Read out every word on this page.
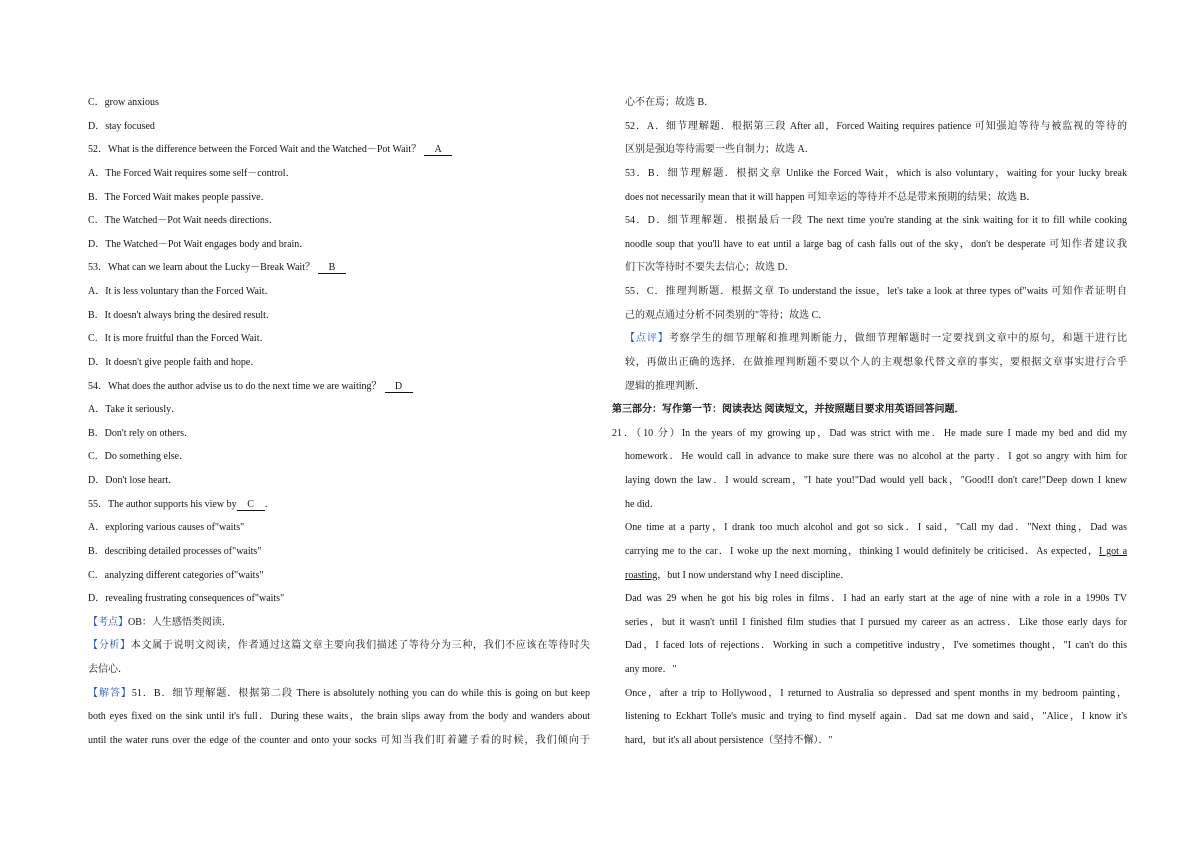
C．grow anxious
D．stay focused
52．What is the difference between the Forced Wait and the Watched－Pot Wait？ A
A．The Forced Wait requires some self－control．
B．The Forced Wait makes people passive．
C．The Watched－Pot Wait needs directions．
D．The Watched－Pot Wait engages body and brain．
53．What can we learn about the Lucky－Break Wait？ B
A．It is less voluntary than the Forced Wait．
B．It doesn't always bring the desired result．
C．It is more fruitful than the Forced Wait．
D．It doesn't give people faith and hope．
54．What does the author advise us to do the next time we are waiting？ D
A．Take it seriously．
B．Don't rely on others．
C．Do something else．
D．Don't lose heart．
55．The author supports his view by C ．
A．exploring various causes of"waits"
B．describing detailed processes of"waits"
C．analyzing different categories of"waits"
D．revealing frustrating consequences of"waits"
【考点】OB：人生感悟类阅读．
【分析】本文属于说明文阅读，作者通过这篇文章主要向我们描述了等待分为三种，我们不应该在等待时失
去信心．
【解答】51．B．细节理解题．根据第二段 There is absolutely nothing you can do while this is going on but keep
both eyes fixed on the sink until it's full．During these waits，the brain slips away from the body and wanders about
until the water runs over the edge of the counter and onto your socks 可知当我们盯着罐子看的时候，我们倾向于
心不在焉；故选 B．
52．A．细节理解题．根据第三段 After all，Forced Waiting requires patience 可知强迫等待与被监视的等待的
区别是强迫等待需要一些自制力；故选 A．
53．B．细节理解题．根据文章 Unlike the Forced Wait，which is also voluntary，waiting for your lucky break
does not necessarily mean that it will happen 可知幸运的等待并不总是带来预期的结果；故选 B．
54．D．细节理解题．根据最后一段 The next time you're standing at the sink waiting for it to fill while cooking
noodle soup that you'll have to eat until a large bag of cash falls out of the sky，don't be desperate 可知作者建议我
们下次等待时不要失去信心；故选 D．
55．C．推理判断题．根据文章 To understand the issue，let's take a look at three types of"waits 可知作者证明自
己的观点通过分析不同类别的"等待；故选 C．
【点评】考察学生的细节理解和推理判断能力，做细节理解题时一定要找到文章中的原句，和题干进行比
较，再做出正确的选择．在做推理判断题不要以个人的主观想象代替文章的事实，要根据文章事实进行合乎
逻辑的推理判断．
第三部分：写作第一节：阅读表达 阅读短文，并按照题目要求用英语回答问题．
21．（10 分）In the years of my growing up，Dad was strict with me．He made sure I made my bed and did my
homework．He would call in advance to make sure there was no alcohol at the party．I got so angry with him for
laying down the law．I would scream，"I hate you!"Dad would yell back，"Good!I don't care!"Deep down I knew
he did．
One time at a party，I drank too much alcohol and got so sick．I said，"Call my dad．"Next thing，Dad was
carrying me to the car．I woke up the next morning，thinking I would definitely be criticised．As expected，I got a
roasting，but I now understand why I need discipline．
Dad was 29 when he got his big roles in films．I had an early start at the age of nine with a role in a 1990s TV
series，but it wasn't until I finished film studies that I pursued my career as an actress．Like those early days for
Dad，I faced lots of rejections．Working in such a competitive industry，I've sometimes thought，"I can't do this
any more．"
Once，after a trip to Hollywood，I returned to Australia so depressed and spent months in my bedroom painting，
listening to Eckhart Tolle's music and trying to find myself again．Dad sat me down and said，"Alice，I know it's
hard，but it's all about persistence（坚持不懈）．"
